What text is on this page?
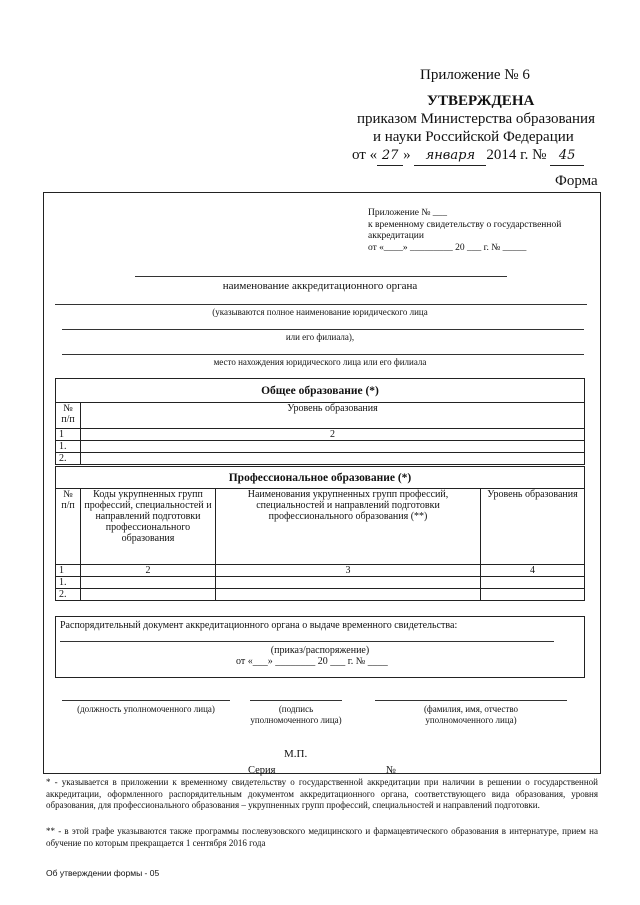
Приложение № 6
УТВЕРЖДЕНА
приказом Министерства образования
и науки Российской Федерации
от « 27 » января 2014 г. № 45
Форма
Приложение № ___
к временному свидетельству о государственной
аккредитации
от «____» _________ 20 ___ г. № _____
наименование аккредитационного органа
(указываются полное наименование юридического лица
или его филиала),
место нахождения юридического лица или его филиала
Общее образование (*)	
№ п/п	Уровень образования
1	2
1.	
2.	
Профессиональное образование (*)			
№ п/п	Коды укрупненных групп профессий, специальностей и направлений подготовки профессионального образования	Наименования укрупненных групп профессий, специальностей и направлений подготовки профессионального образования (**)	Уровень образования
1	2	3	4
1.			
2.			
Распорядительный документ аккредитационного органа о выдаче временного свидетельства:
(приказ/распоряжение)
от «___» ________ 20 ___ г. № ____
(должность уполномоченного лица)	(подпись уполномоченного лица)
(фамилия, имя, отчество уполномоченного лица)
М.П.
Серия	№
* - указывается в приложении к временному свидетельству о государственной аккредитации при наличии в решении о государственной аккредитации, оформленного распорядительным документом аккредитационного органа, соответствующего вида образования, уровня образования, для профессионального образования – укрупненных групп профессий, специальностей и направлений подготовки.
** - в этой графе указываются также программы послевузовского медицинского и фармацевтического образования в интернатуре, прием на обучение по которым прекращается 1 сентября 2016 года
Об утверждении формы - 05
